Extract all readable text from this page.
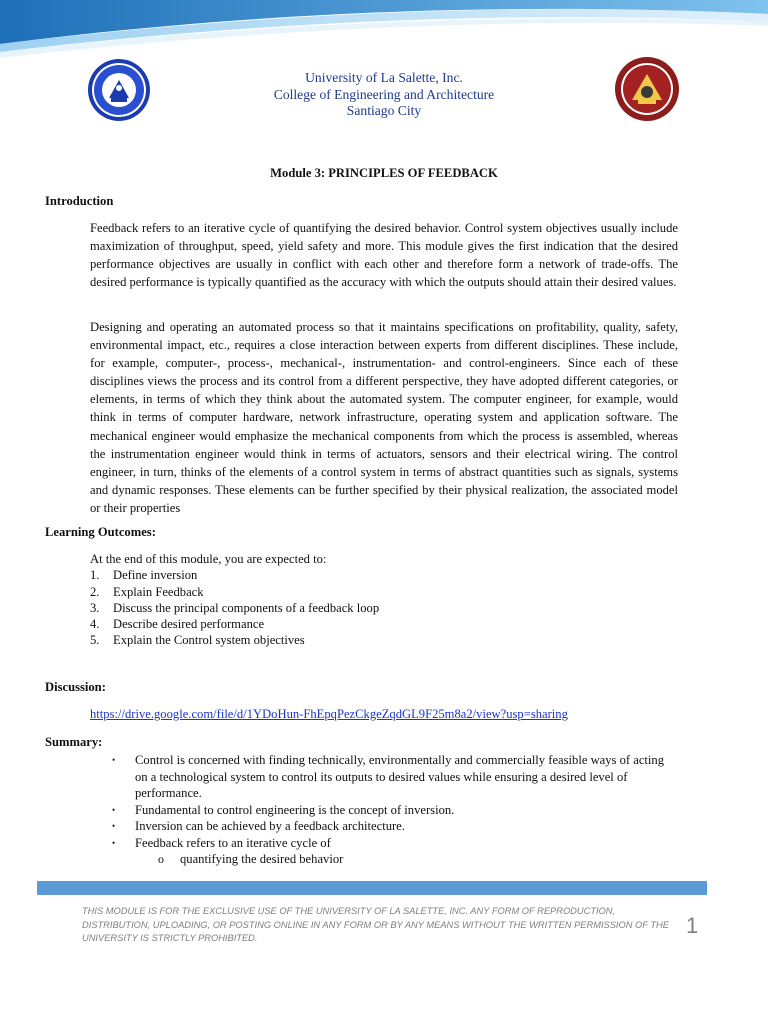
University of La Salette, Inc.
College of Engineering and Architecture
Santiago City
Module 3: PRINCIPLES OF FEEDBACK
Introduction
Feedback refers to an iterative cycle of quantifying the desired behavior. Control system objectives usually include maximization of throughput, speed, yield safety and more. This module gives the first indication that the desired performance objectives are usually in conflict with each other and therefore form a network of trade-offs. The desired performance is typically quantified as the accuracy with which the outputs should attain their desired values.
Designing and operating an automated process so that it maintains specifications on profitability, quality, safety, environmental impact, etc., requires a close interaction between experts from different disciplines. These include, for example, computer-, process-, mechanical-, instrumentation- and control-engineers. Since each of these disciplines views the process and its control from a different perspective, they have adopted different categories, or elements, in terms of which they think about the automated system. The computer engineer, for example, would think in terms of computer hardware, network infrastructure, operating system and application software. The mechanical engineer would emphasize the mechanical components from which the process is assembled, whereas the instrumentation engineer would think in terms of actuators, sensors and their electrical wiring. The control engineer, in turn, thinks of the elements of a control system in terms of abstract quantities such as signals, systems and dynamic responses. These elements can be further specified by their physical realization, the associated model or their properties
Learning Outcomes:
At the end of this module, you are expected to:
1. Define inversion
2. Explain Feedback
3. Discuss the principal components of a feedback loop
4. Describe desired performance
5. Explain the Control system objectives
Discussion:
https://drive.google.com/file/d/1YDoHun-FhEpqPezCkgeZqdGL9F25m8a2/view?usp=sharing
Summary:
• Control is concerned with finding technically, environmentally and commercially feasible ways of acting on a technological system to control its outputs to desired values while ensuring a desired level of performance.
• Fundamental to control engineering is the concept of inversion.
• Inversion can be achieved by a feedback architecture.
• Feedback refers to an iterative cycle of
o quantifying the desired behavior
THIS MODULE IS FOR THE EXCLUSIVE USE OF THE UNIVERSITY OF LA SALETTE, INC. ANY FORM OF REPRODUCTION, DISTRIBUTION, UPLOADING, OR POSTING ONLINE IN ANY FORM OR BY ANY MEANS WITHOUT THE WRITTEN PERMISSION OF THE UNIVERSITY IS STRICTLY PROHIBITED.	1
